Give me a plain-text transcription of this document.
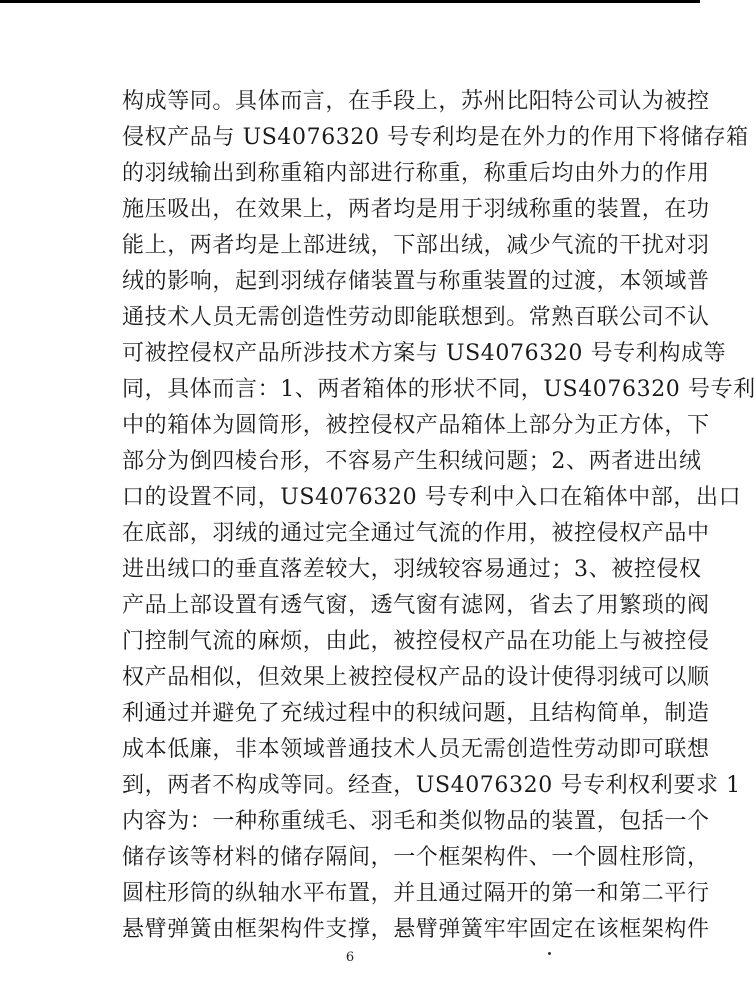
构成等同。具体而言，在手段上，苏州比阳特公司认为被控
侵权产品与 US4076320 号专利均是在外力的作用下将储存箱
的羽绒输出到称重箱内部进行称重，称重后均由外力的作用
施压吸出，在效果上，两者均是用于羽绒称重的装置，在功
能上，两者均是上部进绒，下部出绒，减少气流的干扰对羽
绒的影响，起到羽绒存储装置与称重装置的过渡，本领域普
通技术人员无需创造性劳动即能联想到。常熟百联公司不认
可被控侵权产品所涉技术方案与 US4076320 号专利构成等
同，具体而言：1、两者箱体的形状不同，US4076320 号专利
中的箱体为圆筒形，被控侵权产品箱体上部分为正方体，下
部分为倒四棱台形，不容易产生积绒问题；2、两者进出绒
口的设置不同，US4076320 号专利中入口在箱体中部，出口
在底部，羽绒的通过完全通过气流的作用，被控侵权产品中
进出绒口的垂直落差较大，羽绒较容易通过；3、被控侵权
产品上部设置有透气窗，透气窗有滤网，省去了用繁琐的阀
门控制气流的麻烦，由此，被控侵权产品在功能上与被控侵
权产品相似，但效果上被控侵权产品的设计使得羽绒可以顺
利通过并避免了充绒过程中的积绒问题，且结构简单，制造
成本低廉，非本领域普通技术人员无需创造性劳动即可联想
到，两者不构成等同。经查，US4076320 号专利权利要求 1
内容为：一种称重绒毛、羽毛和类似物品的装置，包括一个
储存该等材料的储存隔间，一个框架构件、一个圆柱形筒，
圆柱形筒的纵轴水平布置，并且通过隔开的第一和第二平行
悬臂弹簧由框架构件支撑，悬臂弹簧牢牢固定在该框架构件
6
